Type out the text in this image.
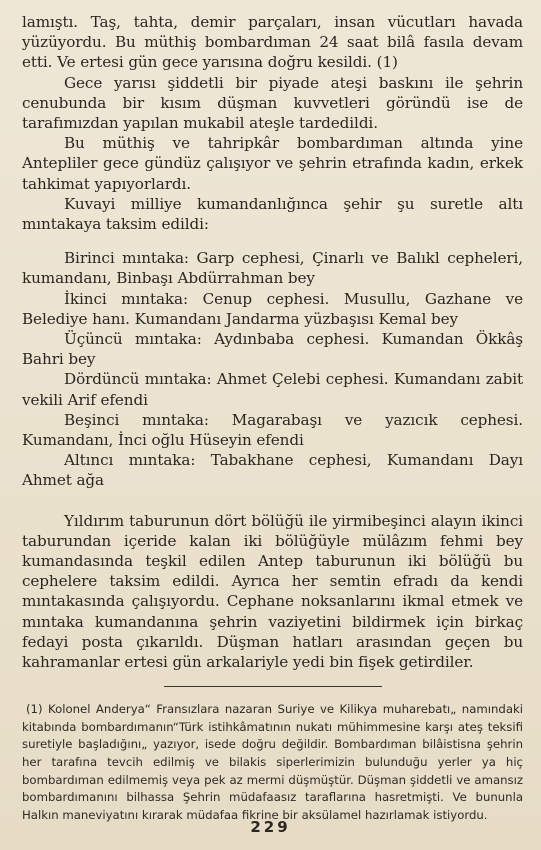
lamıştı. Taş, tahta, demir parçaları, insan vücutları havada yüzüyordu. Bu müthiş bombardıman 24 saat bilâ fasıla devam etti. Ve ertesi gün gece yarısına doğru kesildi. (1)

Gece yarısı şiddetli bir piyade ateşi baskını ile şehrin cenubunda bir kısım düşman kuvvetleri göründü ise de tarafımızdan yapılan mukabil ateşle tardedildi.

Bu müthiş ve tahripkâr bombardıman altında yine Antepliler gece gündüz çalışıyor ve şehrin etrafında kadın, erkek tahkimat yapıyorlardı.

Kuvayi milliye kumandanlığınca şehir şu suretle altı mıntakaya taksim edildi:

Birinci mıntaka: Garp cephesi, Çinarlı ve Balıkl cepheleri, kumandanı, Binbaşı Abdürrahman bey

İkinci mıntaka: Cenup cephesi. Musullu, Gazhane ve Belediye hanı. Kumandanı Jandarma yüzbaşısı Kemal bey

Üçüncü mıntaka: Aydınbaba cephesi. Kumandan Ökkâş Bahri bey

Dördüncü mıntaka: Ahmet Çelebi cephesi. Kumandanı zabit vekili Arif efendi

Beşinci mıntaka: Magarabaşı ve yazıcık cephesi. Kumandanı, İnci oğlu Hüseyin efendi

Altıncı mıntaka: Tabakhane cephesi, Kumandanı Dayı Ahmet ağa

Yıldırım taburunun dört bölüğü ile yirmibeşinci alayın ikinci taburundan içeride kalan iki bölüğüyle mülâzım fehmi bey kumandasında teşkil edilen Antep taburunun iki bölüğü bu cephelere taksim edildi. Ayrıca her semtin efradı da kendi mıntakasında çalışıyordu. Cephane noksanlarını ikmal etmek ve mıntaka kumandanına şehrin vaziyetini bildirmek için birkaç fedayi posta çıkarıldı. Düşman hatları arasından geçen bu kahramanlar ertesi gün arkalariyle yedi bin fişek getirdiler.

(1) Kolonel Anderya“ Fransızlara nazaran Suriye ve Kilikya muharebatı„ namındaki kitabında bombardımanın“Türk istihkâmatının nukatı mühimmesine karşı ateş teksifi suretiyle başladığını„ yazıyor, isede doğru değildir. Bombardıman bilâistisna şehrin her tarafına tevcih edilmiş ve bilakis siperlerimizin bulunduğu yerler ya hiç bombardıman edilmemiş veya pek az mermi düşmüştür. Düşman şiddetli ve amansız bombardımanını bilhassa Şehrin müdafaasız taraflarına hasretmişti. Ve bununla Halkın maneviyatını kırarak müdafaa fikrine bir aksülamel hazırlamak istiyordu.

229
